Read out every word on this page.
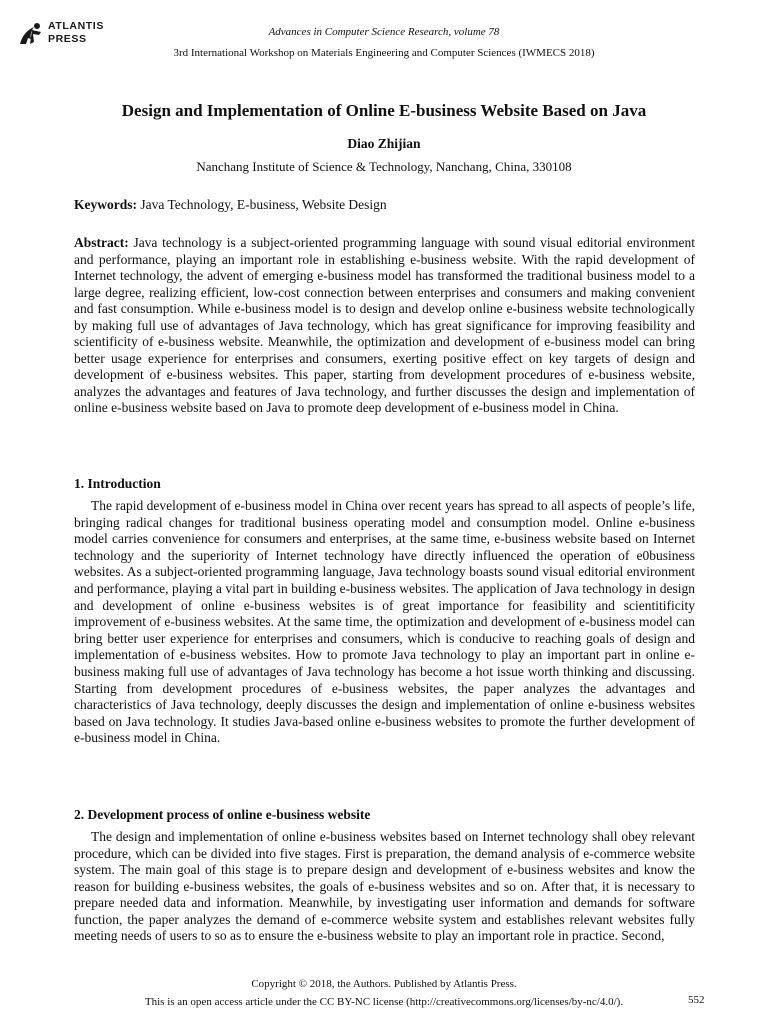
ATLANTIS
PRESS
Advances in Computer Science Research, volume 78
3rd International Workshop on Materials Engineering and Computer Sciences (IWMECS 2018)
Design and Implementation of Online E-business Website Based on Java
Diao Zhijian
Nanchang Institute of Science & Technology, Nanchang, China, 330108
Keywords: Java Technology, E-business, Website Design
Abstract: Java technology is a subject-oriented programming language with sound visual editorial environment and performance, playing an important role in establishing e-business website. With the rapid development of Internet technology, the advent of emerging e-business model has transformed the traditional business model to a large degree, realizing efficient, low-cost connection between enterprises and consumers and making convenient and fast consumption. While e-business model is to design and develop online e-business website technologically by making full use of advantages of Java technology, which has great significance for improving feasibility and scientificity of e-business website. Meanwhile, the optimization and development of e-business model can bring better usage experience for enterprises and consumers, exerting positive effect on key targets of design and development of e-business websites. This paper, starting from development procedures of e-business website, analyzes the advantages and features of Java technology, and further discusses the design and implementation of online e-business website based on Java to promote deep development of e-business model in China.
1. Introduction

The rapid development of e-business model in China over recent years has spread to all aspects of people’s life, bringing radical changes for traditional business operating model and consumption model. Online e-business model carries convenience for consumers and enterprises, at the same time, e-business website based on Internet technology and the superiority of Internet technology have directly influenced the operation of e0business websites. As a subject-oriented programming language, Java technology boasts sound visual editorial environment and performance, playing a vital part in building e-business websites. The application of Java technology in design and development of online e-business websites is of great importance for feasibility and scientitificity improvement of e-business websites. At the same time, the optimization and development of e-business model can bring better user experience for enterprises and consumers, which is conducive to reaching goals of design and implementation of e-business websites. How to promote Java technology to play an important part in online e-business making full use of advantages of Java technology has become a hot issue worth thinking and discussing. Starting from development procedures of e-business websites, the paper analyzes the advantages and characteristics of Java technology, deeply discusses the design and implementation of online e-business websites based on Java technology. It studies Java-based online e-business websites to promote the further development of e-business model in China.

2. Development process of online e-business website

The design and implementation of online e-business websites based on Internet technology shall obey relevant procedure, which can be divided into five stages. First is preparation, the demand analysis of e-commerce website system. The main goal of this stage is to prepare design and development of e-business websites and know the reason for building e-business websites, the goals of e-business websites and so on. After that, it is necessary to prepare needed data and information. Meanwhile, by investigating user information and demands for software function, the paper analyzes the demand of e-commerce website system and establishes relevant websites fully meeting needs of users to so as to ensure the e-business website to play an important role in practice. Second,

Copyright © 2018, the Authors. Published by Atlantis Press.
This is an open access article under the CC BY-NC license (http://creativecommons.org/licenses/by-nc/4.0/).	552
